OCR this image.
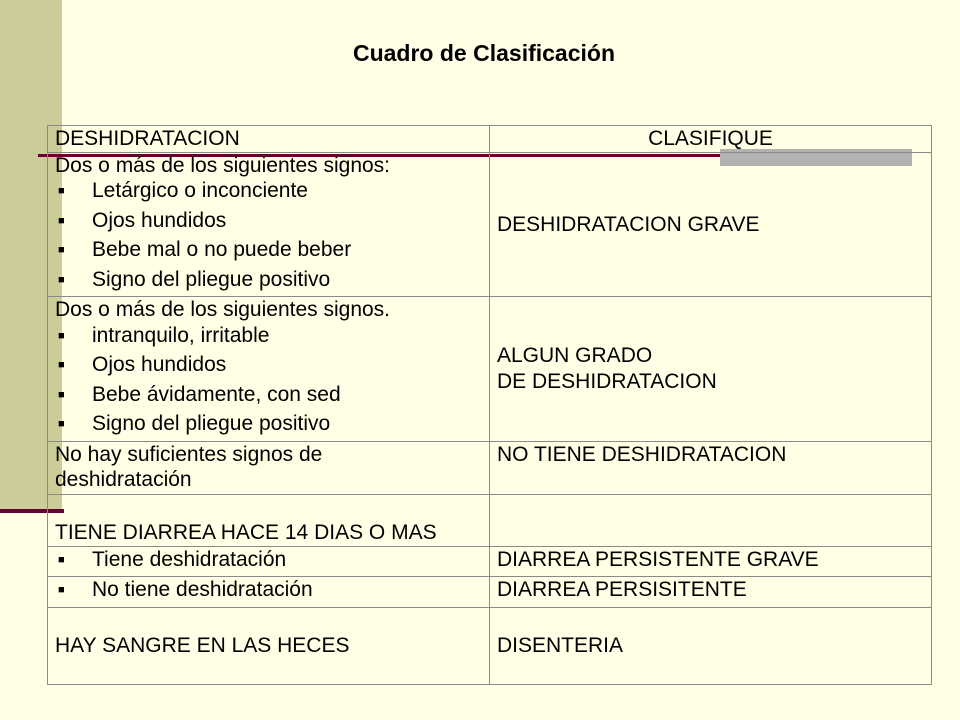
Cuadro de Clasificación
DESHIDRATACION	CLASIFIQUE

Dos o más de los siguientes signos:
■ Letárgico o inconciente
■ Ojos hundidos
■ Bebe mal o no puede beber
■ Signo del pliegue positivo	DESHIDRATACION GRAVE

Dos o más de los siguientes signos.
■ intranquilo, irritable
■ Ojos hundidos
■ Bebe ávidamente, con sed
■ Signo del pliegue positivo	ALGUN GRADO
DE DESHIDRATACION

No hay suficientes signos de
deshidratación	NO TIENE DESHIDRATACION

TIENE DIARREA HACE 14 DIAS O MAS	

■ Tiene deshidratación	DIARREA PERSISTENTE GRAVE

■ No tiene deshidratación	DIARREA PERSISITENTE

HAY SANGRE EN LAS HECES	DISENTERIA
